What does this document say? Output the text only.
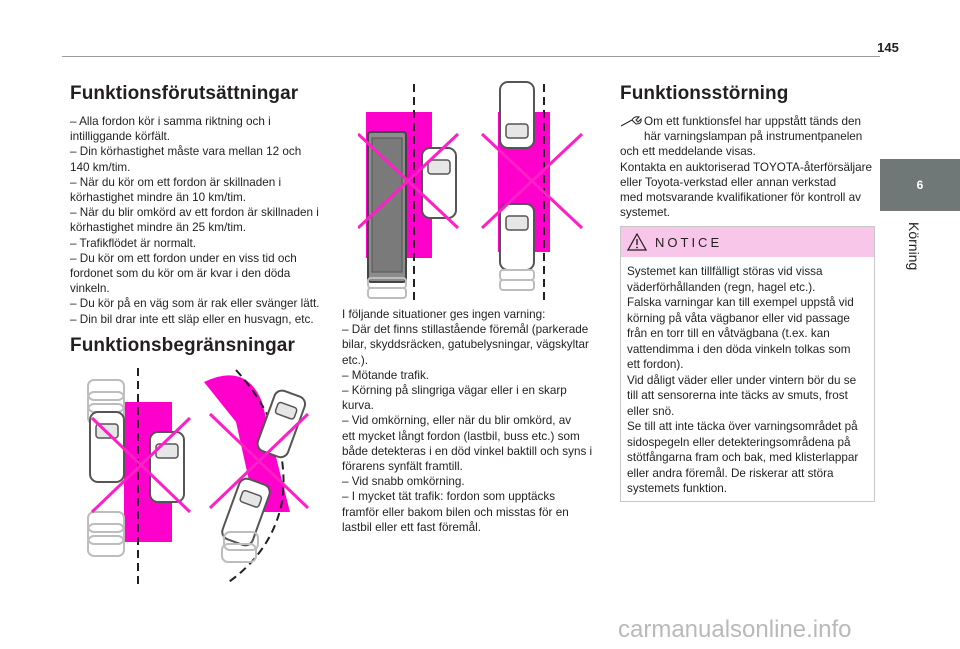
145
6
Körning
Funktionsförutsättningar
– Alla fordon kör i samma riktning och i
intilliggande körfält.
– Din körhastighet måste vara mellan 12 och
140 km/tim.
– När du kör om ett fordon är skillnaden i
körhastighet mindre än 10 km/tim.
– När du blir omkörd av ett fordon är skillnaden i
körhastighet mindre än 25 km/tim.
– Trafikflödet är normalt.
– Du kör om ett fordon under en viss tid och
fordonet som du kör om är kvar i den döda
vinkeln.
– Du kör på en väg som är rak eller svänger lätt.
– Din bil drar inte ett släp eller en husvagn, etc.
Funktionsbegränsningar
I följande situationer ges ingen varning:
– Där det finns stillastående föremål (parkerade
bilar, skyddsräcken, gatubelysningar, vägskyltar
etc.).
– Mötande trafik.
– Körning på slingriga vägar eller i en skarp
kurva.
– Vid omkörning, eller när du blir omkörd, av
ett mycket långt fordon (lastbil, buss etc.) som
både detekteras i en död vinkel baktill och syns i
förarens synfält framtill.
– Vid snabb omkörning.
– I mycket tät trafik: fordon som upptäcks
framför eller bakom bilen och misstas för en
lastbil eller ett fast föremål.
Funktionsstörning
Om ett funktionsfel har uppstått tänds den
här varningslampan på instrumentpanelen
och ett meddelande visas.
Kontakta en auktoriserad TOYOTA-återförsäljare
eller Toyota-verkstad eller annan verkstad
med motsvarande kvalifikationer för kontroll av
systemet.
NOTICE
Systemet kan tillfälligt störas vid vissa
väderförhållanden (regn, hagel etc.).
Falska varningar kan till exempel uppstå vid
körning på våta vägbanor eller vid passage
från en torr till en våtvägbana (t.ex. kan
vattendimma i den döda vinkeln tolkas som
ett fordon).
Vid dåligt väder eller under vintern bör du se
till att sensorerna inte täcks av smuts, frost
eller snö.
Se till att inte täcka över varningsområdet på
sidospegeln eller detekteringsområdena på
stötfångarna fram och bak, med klisterlappar
eller andra föremål. De riskerar att störa
systemets funktion.
carmanualsonline.info
